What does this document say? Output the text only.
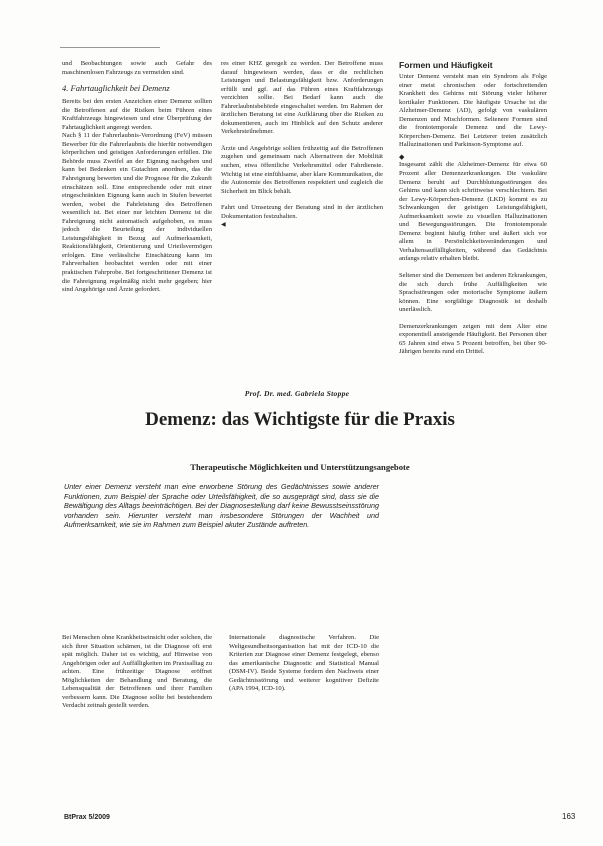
und Beobachtungen sowie auch Gefahr des maschinenlosen Fahrzeugs zu vermeiden sind.

4. Fahrtauglichkeit bei Demenz

Bereits bei den ersten Anzeichen einer Demenz sollten die Betroffenen auf die Risiken beim Führen eines Kraftfahrzeugs hingewiesen und eine Überprüfung der Fahrtauglichkeit angeregt werden.

Nach § 11 der Fahrerlaubnis-Verordnung (FeV) müssen Bewerber für die Fahrerlaubnis die hierfür notwendigen körperlichen und geistigen Anforderungen erfüllen. Die Behörde muss Zweifel an der Eignung nachgehen und kann bei Bedenken ein Gutachten anordnen, das die Fahreignung bewerten und die Prognose für die Zukunft einschätzen soll. Eine entsprechende oder mit einer eingeschränkten Eignung kann auch in Stufen bewertet werden, wobei die Fahrleistung des Betroffenen wesentlich ist. Bei einer nur leichten Demenz ist die Fahreignung nicht automatisch aufgehoben, es muss jedoch die Beurteilung der individuellen Leistungsfähigkeit in Bezug auf Aufmerksamkeit, Reaktionsfähigkeit, Orientierung und Urteilsvermögen erfolgen. Eine verlässliche Einschätzung kann im Fahrverhalten beobachtet werden oder mit einer praktischen Fahrprobe. Bei fortgeschrittener Demenz ist die Fahreignung regelmäßig nicht mehr gegeben; hier sind Angehörige und Ärzte gefordert.

res einer KHZ geregelt zu werden. Der Betroffene muss darauf hingewiesen werden, dass er die rechtlichen Leistungen und Belastungsfähigkeit bzw. Anforderungen erfüllt und ggf. auf das Führen eines Kraftfahrzeugs verzichten sollte. Bei Bedarf kann auch die Fahrerlaubnisbehörde eingeschaltet werden. Im Rahmen der ärztlichen Beratung ist eine Aufklärung über die Risiken zu dokumentieren, auch im Hinblick auf den Schutz anderer Verkehrsteilnehmer.

Ärzte und Angehörige sollten frühzeitig auf die Betroffenen zugehen und gemeinsam nach Alternativen der Mobilität suchen, etwa öffentliche Verkehrsmittel oder Fahrdienste. Wichtig ist eine einfühlsame, aber klare Kommunikation, die die Autonomie des Betroffenen respektiert und zugleich die Sicherheit im Blick behält.

Fahrt und Umsetzung der Beratung sind in der ärztlichen Dokumentation festzuhalten.

◀
Formen und Häufigkeit

Unter Demenz versteht man ein Syndrom als Folge einer meist chronischen oder fortschreitenden Krankheit des Gehirns mit Störung vieler höherer kortikaler Funktionen. Die häufigste Ursache ist die Alzheimer-Demenz (AD), gefolgt von vaskulären Demenzen und Mischformen. Seltenere Formen sind die frontotemporale Demenz und die Lewy-Körperchen-Demenz. Bei Letzterer treten zusätzlich Halluzinationen und Parkinson-Symptome auf.

◆

Insgesamt zählt die Alzheimer-Demenz für etwa 60 Prozent aller Demenzerkrankungen. Die vaskuläre Demenz beruht auf Durchblutungsstörungen des Gehirns und kann sich schrittweise verschlechtern. Bei der Lewy-Körperchen-Demenz (LKD) kommt es zu Schwankungen der geistigen Leistungsfähigkeit, Aufmerksamkeit sowie zu visuellen Halluzinationen und Bewegungsstörungen. Die frontotemporale Demenz beginnt häufig früher und äußert sich vor allem in Persönlichkeitsveränderungen und Verhaltensauffälligkeiten, während das Gedächtnis anfangs relativ erhalten bleibt.

Seltener sind die Demenzen bei anderen Erkrankungen, die sich durch frühe Auffälligkeiten wie Sprachstörungen oder motorische Symptome äußern können. Eine sorgfältige Diagnostik ist deshalb unerlässlich.

Demenzerkrankungen zeigen mit dem Alter eine exponentiell ansteigende Häufigkeit. Bei Personen über 65 Jahren sind etwa 5 Prozent betroffen, bei über 90-Jährigen bereits rund ein Drittel.

Prof. Dr. med. Gabriela Stoppe
Demenz: das Wichtigste für die Praxis
Therapeutische Möglichkeiten und Unterstützungsangebote
Unter einer Demenz versteht man eine erworbene Störung des Gedächtnisses sowie anderer Funktionen, zum Beispiel der Sprache oder Urteilsfähigkeit, die so ausgeprägt sind, dass sie die Bewältigung des Alltags beeinträchtigen. Bei der Diagnosestellung darf keine Bewusstseinsstörung vorhanden sein. Hierunter versteht man insbesondere Störungen der Wachheit und Aufmerksamkeit, wie sie im Rahmen zum Beispiel akuter Zustände auftreten.

Bei Menschen ohne Krankheitseinsicht oder solchen, die sich ihrer Situation schämen, ist die Diagnose oft erst spät möglich. Daher ist es wichtig, auf Hinweise von Angehörigen oder auf Auffälligkeiten im Praxisalltag zu achten. Eine frühzeitige Diagnose eröffnet Möglichkeiten der Behandlung und Beratung, die Lebensqualität der Betroffenen und ihrer Familien verbessern kann. Die Diagnose sollte bei bestehendem Verdacht zeitnah gestellt werden.

Internationale diagnostische Verfahren. Die Weltgesundheitsorganisation hat mit der ICD-10 die Kriterien zur Diagnose einer Demenz festgelegt, ebenso das amerikanische Diagnostic and Statistical Manual (DSM-IV). Beide Systeme fordern den Nachweis einer Gedächtnisstörung und weiterer kognitiver Defizite (APA 1994, ICD-10).

BtPrax 5/2009	163
